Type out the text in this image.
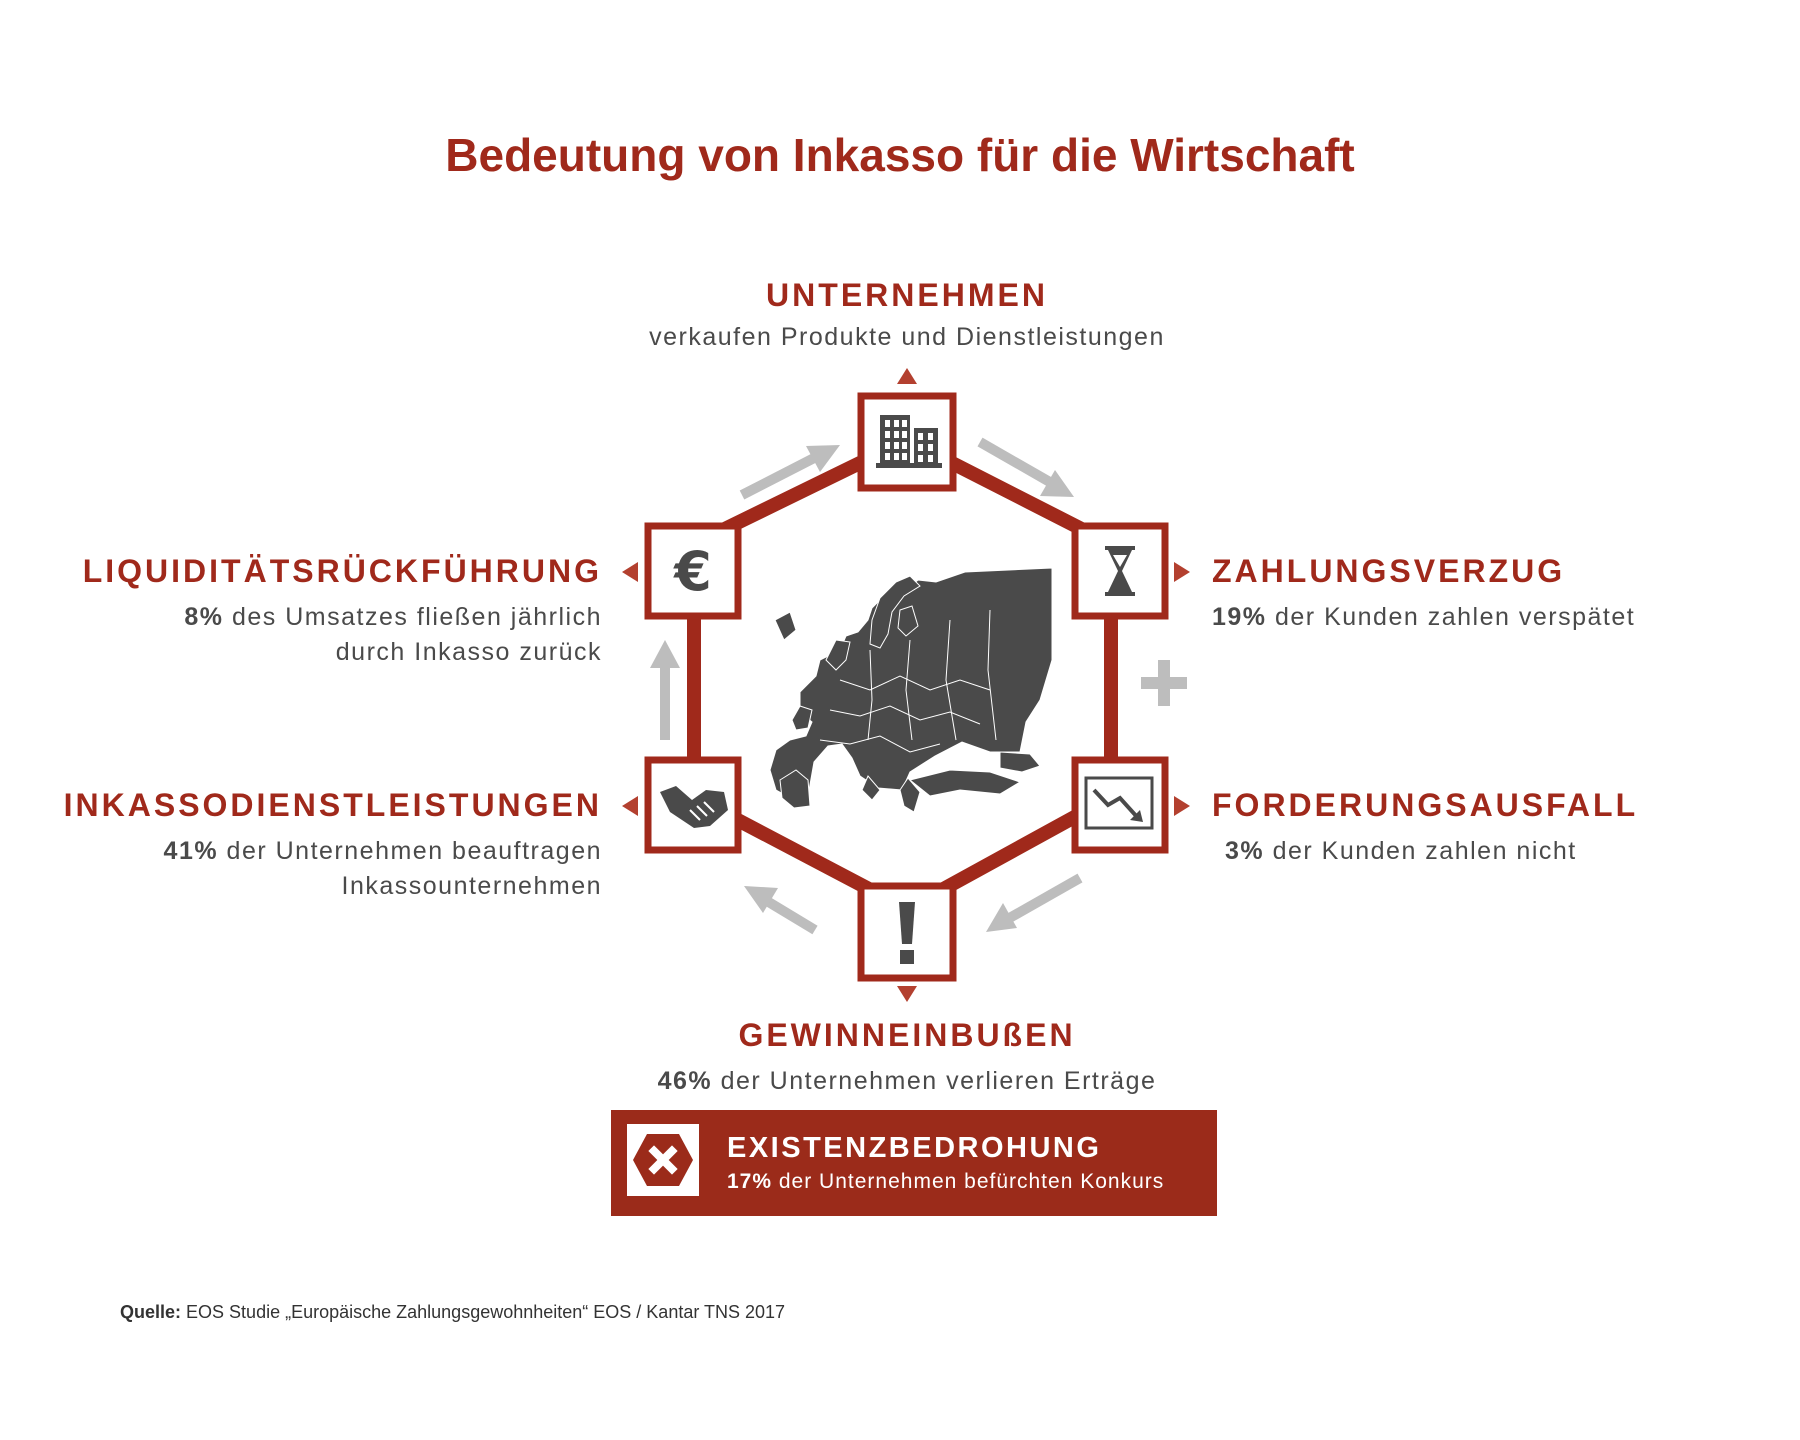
Bedeutung von Inkasso für die Wirtschaft
€
UNTERNEHMEN
verkaufen Produkte und Dienstleistungen
ZAHLUNGSVERZUG
19% der Kunden zahlen verspätet
FORDERUNGSAUSFALL
3% der Kunden zahlen nicht
GEWINNEINBUßEN
46% der Unternehmen verlieren Erträge
INKASSODIENSTLEISTUNGEN
41% der Unternehmen beauftragen
Inkassounternehmen
LIQUIDITÄTSRÜCKFÜHRUNG
8% des Umsatzes fließen jährlich
durch Inkasso zurück
EXISTENZBEDROHUNG
17% der Unternehmen befürchten Konkurs
Quelle: EOS Studie „Europäische Zahlungsgewohnheiten“ EOS / Kantar TNS 2017
